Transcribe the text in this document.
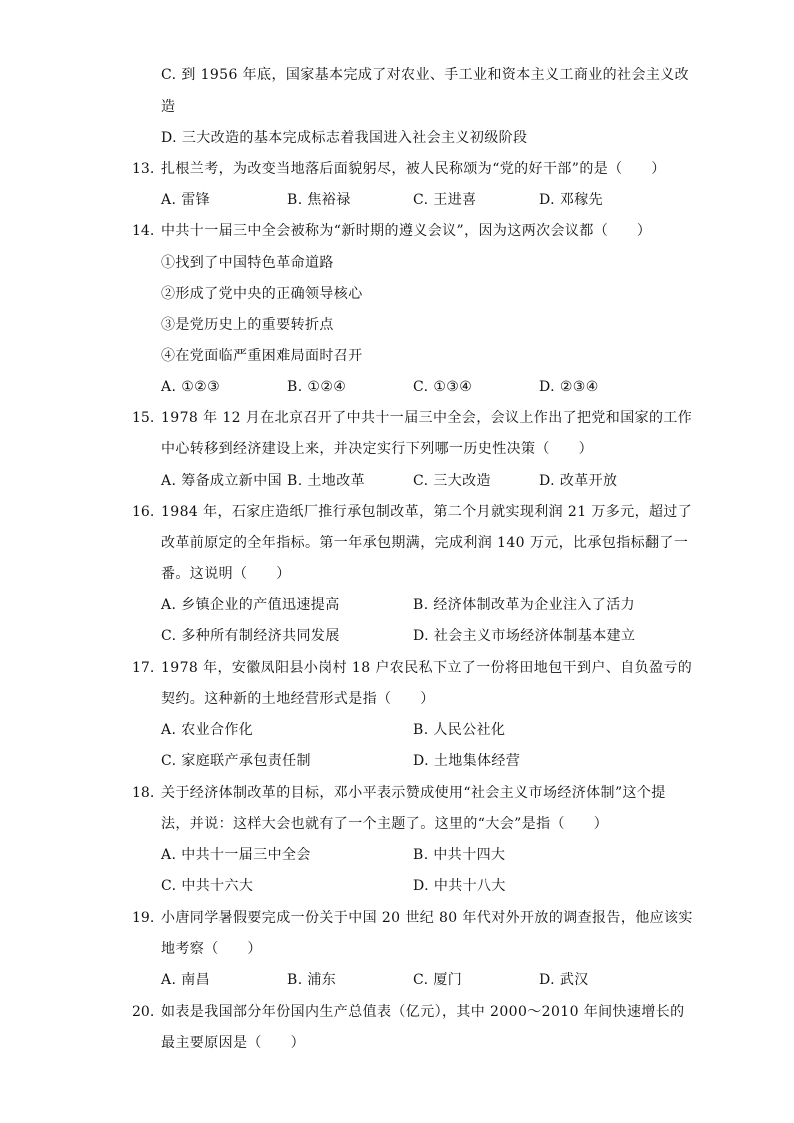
C. 到 1956 年底，国家基本完成了对农业、手工业和资本主义工商业的社会主义改
造
D. 三大改造的基本完成标志着我国进入社会主义初级阶段
13. 扎根兰考，为改变当地落后面貌躬尽，被人民称颂为“党的好干部”的是（　　）
A. 雷锋	B. 焦裕禄	C. 王进喜	D. 邓稼先
14. 中共十一届三中全会被称为“新时期的遵义会议”，因为这两次会议都（　　）
①找到了中国特色革命道路
②形成了党中央的正确领导核心
③是党历史上的重要转折点
④在党面临严重困难局面时召开
A. ①②③	B. ①②④	C. ①③④	D. ②③④
15. 1978 年 12 月在北京召开了中共十一届三中全会，会议上作出了把党和国家的工作
中心转移到经济建设上来，并决定实行下列哪一历史性决策（　　）
A. 筹备成立新中国 B. 土地改革	C. 三大改造	D. 改革开放
16. 1984 年，石家庄造纸厂推行承包制改革，第二个月就实现利润 21 万多元，超过了
改革前原定的全年指标。第一年承包期满，完成利润 140 万元，比承包指标翻了一
番。这说明（　　）
A. 乡镇企业的产值迅速提高	B. 经济体制改革为企业注入了活力
C. 多种所有制经济共同发展	D. 社会主义市场经济体制基本建立
17. 1978 年，安徽凤阳县小岗村 18 户农民私下立了一份将田地包干到户、自负盈亏的
契约。这种新的土地经营形式是指（　　）
A. 农业合作化	B. 人民公社化
C. 家庭联产承包责任制	D. 土地集体经营
18. 关于经济体制改革的目标，邓小平表示赞成使用“社会主义市场经济体制”这个提
法，并说：这样大会也就有了一个主题了。这里的“大会”是指（　　）
A. 中共十一届三中全会	B. 中共十四大
C. 中共十六大	D. 中共十八大
19. 小唐同学暑假要完成一份关于中国 20 世纪 80 年代对外开放的调查报告，他应该实
地考察（　　）
A. 南昌	B. 浦东	C. 厦门	D. 武汉
20. 如表是我国部分年份国内生产总值表（亿元），其中 2000～2010 年间快速增长的
最主要原因是（　　）
